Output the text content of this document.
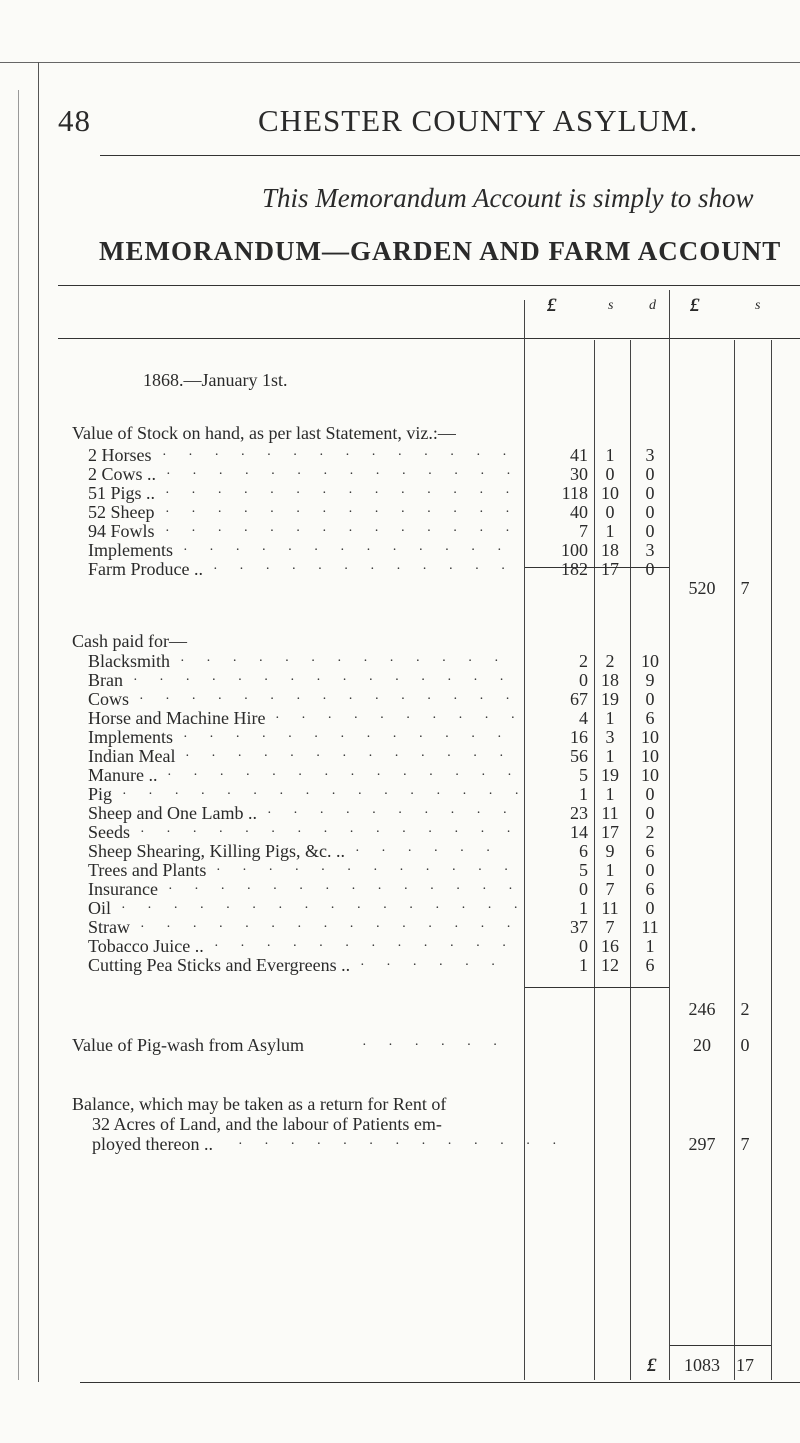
48	CHESTER COUNTY ASYLUM.
This Memorandum Account is simply to show
MEMORANDUM—GARDEN AND FARM ACCOUNT
£	s	d £	s
1868.—January 1st.
Value of Stock on hand, as per last Statement, viz.:—
2 Horses · · · · · · · · · · · · · ·	41 1	3
2 Cows .. · · · · · · · · · · · · · ·	30 0	0
51 Pigs .. · · · · · · · · · · · · · ·	118 10	0
52 Sheep · · · · · · · · · · · · · ·	40 0	0
94 Fowls · · · · · · · · · · · · · ·	7 1	0
Implements · · · · · · · · · · · · ·	100 18	3
Farm Produce .. · · · · · · · · · · · ·	182 17	0
520	7
Cash paid for—
Blacksmith · · · · · · · · · · · · ·	2 2	10
Bran · · · · · · · · · · · · · · ·	0 18	9
Cows · · · · · · · · · · · · · · ·	67 19	0
Horse and Machine Hire · · · · · · · · · ·	4 1	6
Implements · · · · · · · · · · · · ·	16 3	10
Indian Meal · · · · · · · · · · · · ·	56 1	10
Manure .. · · · · · · · · · · · · · ·	5 19	10
Pig · · · · · · · · · · · · · · · ·	1 1	0
Sheep and One Lamb .. · · · · · · · · · ·	23 11	0
Seeds · · · · · · · · · · · · · · ·	14 17	2
Sheep Shearing, Killing Pigs, &c. .. · · · · · ·	6 9	6
Trees and Plants · · · · · · · · · · · ·	5 1	0
Insurance · · · · · · · · · · · · · ·	0 7	6
Oil · · · · · · · · · · · · · · · ·	1 11	0
Straw · · · · · · · · · · · · · · ·	37 7	11
Tobacco Juice .. · · · · · · · · · · · ·	0 16	1
Cutting Pea Sticks and Evergreens .. · · · · · ·	1 12	6
246	2
Value of Pig-wash from Asylum	· · · · · ·	20	0
Balance, which may be taken as a return for Rent of
32 Acres of Land, and the labour of Patients em-
ployed thereon .. · · · · · · · · · · · · ·	297	7
£	1083 17
